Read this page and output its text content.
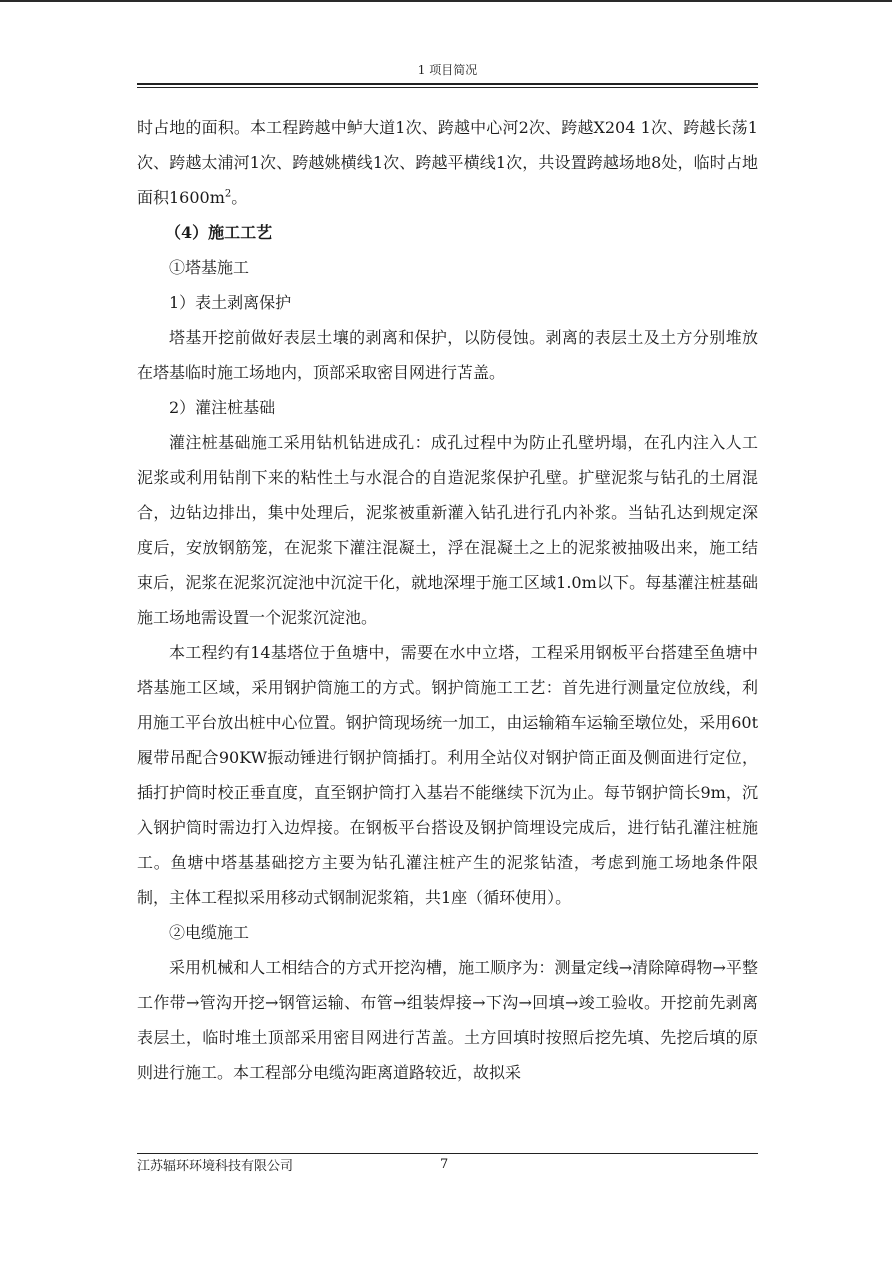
1 项目简况

时占地的面积。本工程跨越中鲈大道1次、跨越中心河2次、跨越X204 1次、跨越长荡1次、跨越太浦河1次、跨越姚横线1次、跨越平横线1次，共设置跨越场地8处，临时占地面积$1600m^2$。

（4）施工工艺

①塔基施工

1）表土剥离保护

塔基开挖前做好表层土壤的剥离和保护，以防侵蚀。剥离的表层土及土方分别堆放在塔基临时施工场地内，顶部采取密目网进行苫盖。

2）灌注桩基础

灌注桩基础施工采用钻机钻进成孔：成孔过程中为防止孔壁坍塌，在孔内注入人工泥浆或利用钻削下来的粘性土与水混合的自造泥浆保护孔壁。扩壁泥浆与钻孔的土屑混合，边钻边排出，集中处理后，泥浆被重新灌入钻孔进行孔内补浆。当钻孔达到规定深度后，安放钢筋笼，在泥浆下灌注混凝土，浮在混凝土之上的泥浆被抽吸出来，施工结束后，泥浆在泥浆沉淀池中沉淀干化，就地深埋于施工区域1.0m以下。每基灌注桩基础施工场地需设置一个泥浆沉淀池。

本工程约有14基塔位于鱼塘中，需要在水中立塔，工程采用钢板平台搭建至鱼塘中塔基施工区域，采用钢护筒施工的方式。钢护筒施工工艺：首先进行测量定位放线，利用施工平台放出桩中心位置。钢护筒现场统一加工，由运输箱车运输至墩位处，采用60t履带吊配合90KW振动锤进行钢护筒插打。利用全站仪对钢护筒正面及侧面进行定位，插打护筒时校正垂直度，直至钢护筒打入基岩不能继续下沉为止。每节钢护筒长9m，沉入钢护筒时需边打入边焊接。在钢板平台搭设及钢护筒埋设完成后，进行钻孔灌注桩施工。鱼塘中塔基基础挖方主要为钻孔灌注桩产生的泥浆钻渣，考虑到施工场地条件限制，主体工程拟采用移动式钢制泥浆箱，共1座（循环使用）。

②电缆施工

采用机械和人工相结合的方式开挖沟槽，施工顺序为：测量定线→清除障碍物→平整工作带→管沟开挖→钢管运输、布管→组装焊接→下沟→回填→竣工验收。开挖前先剥离表层土，临时堆土顶部采用密目网进行苫盖。土方回填时按照后挖先填、先挖后填的原则进行施工。本工程部分电缆沟距离道路较近，故拟采

江苏辐环环境科技有限公司	7
